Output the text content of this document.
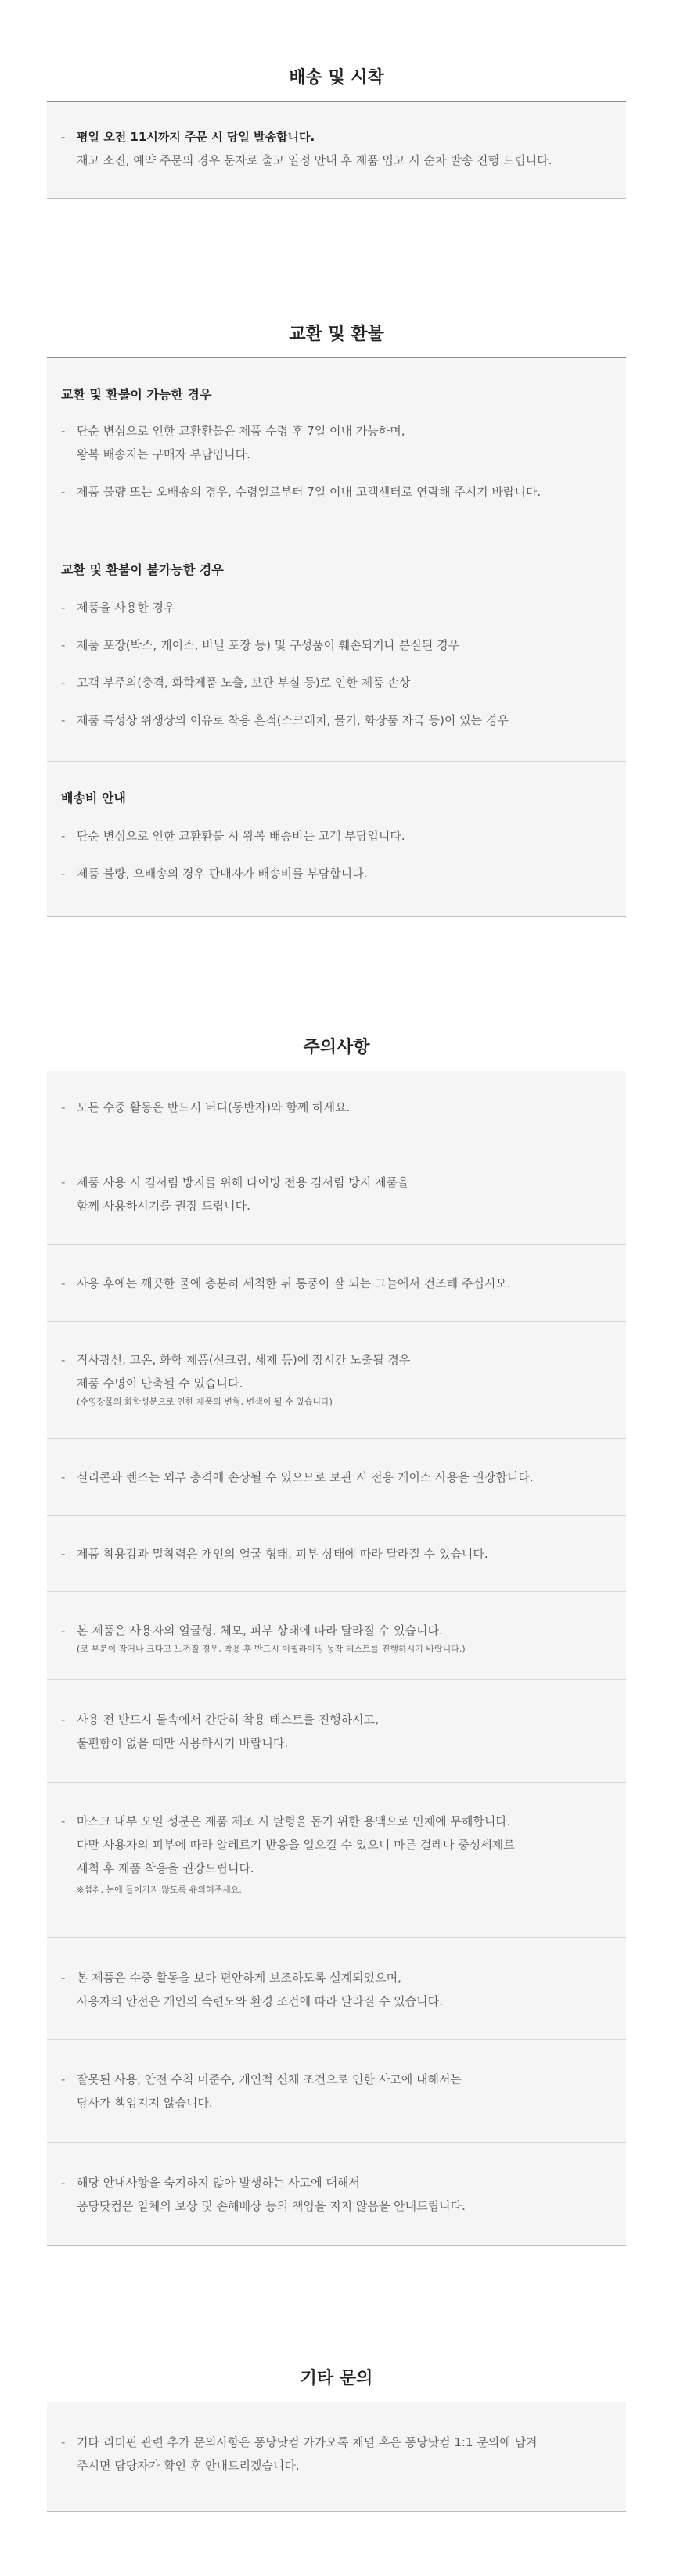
배송 및 시착
- 평일 오전 11시까지 주문 시 당일 발송합니다.
재고 소진, 예약 주문의 경우 문자로 출고 일정 안내 후 제품 입고 시 순차 발송 진행 드립니다.
교환 및 환불

교환 및 환불이 가능한 경우

- 단순 변심으로 인한 교환환불은 제품 수령 후 7일 이내 가능하며,
왕복 배송지는 구매자 부담입니다.
- 제품 불량 또는 오배송의 경우, 수령일로부터 7일 이내 고객센터로 연락해 주시기 바랍니다.

교환 및 환불이 불가능한 경우

- 제품을 사용한 경우
- 제품 포장(박스, 케이스, 비닐 포장 등) 및 구성품이 훼손되거나 분실된 경우
- 고객 부주의(충격, 화학제품 노출, 보관 부실 등)로 인한 제품 손상
- 제품 특성상 위생상의 이유로 착용 흔적(스크래치, 물기, 화장품 자국 등)이 있는 경우

배송비 안내

- 단순 변심으로 인한 교환환불 시 왕복 배송비는 고객 부담입니다.
- 제품 불량, 오배송의 경우 판매자가 배송비를 부담합니다.
주의사항
- 모든 수중 활동은 반드시 버디(동반자)와 함께 하세요.
- 제품 사용 시 김서림 방지를 위해 다이빙 전용 김서림 방지 제품을
함께 사용하시기를 권장 드립니다.
- 사용 후에는 깨끗한 물에 충분히 세척한 뒤 통풍이 잘 되는 그늘에서 건조해 주십시오.
- 직사광선, 고온, 화학 제품(선크림, 세제 등)에 장시간 노출될 경우
제품 수명이 단축될 수 있습니다.
(수영장물의 화학성분으로 인한 제품의 변형, 변색이 될 수 있습니다)
- 실리콘과 렌즈는 외부 충격에 손상될 수 있으므로 보관 시 전용 케이스 사용을 권장합니다.
- 제품 착용감과 밀착력은 개인의 얼굴 형태, 피부 상태에 따라 달라질 수 있습니다.
- 본 제품은 사용자의 얼굴형, 체모, 피부 상태에 따라 달라질 수 있습니다.
(코 부분이 작거나 크다고 느껴질 경우, 착용 후 반드시 이퀄라이징 동작 테스트를 진행하시기 바랍니다.)
- 사용 전 반드시 물속에서 간단히 착용 테스트를 진행하시고,
불편함이 없을 때만 사용하시기 바랍니다.
- 마스크 내부 오일 성분은 제품 제조 시 탈형을 돕기 위한 용액으로 인체에 무해합니다.
다만 사용자의 피부에 따라 알레르기 반응을 일으킬 수 있으니 마른 걸레나 중성세제로
세척 후 제품 착용을 권장드립니다.
※섭취, 눈에 들어가지 않도록 유의해주세요.
- 본 제품은 수중 활동을 보다 편안하게 보조하도록 설계되었으며,
사용자의 안전은 개인의 숙련도와 환경 조건에 따라 달라질 수 있습니다.
- 잘못된 사용, 안전 수칙 미준수, 개인적 신체 조건으로 인한 사고에 대해서는
당사가 책임지지 않습니다.
- 해당 안내사항을 숙지하지 않아 발생하는 사고에 대해서
퐁당닷컴은 일체의 보상 및 손해배상 등의 책임을 지지 않음을 안내드립니다.
기타 문의
- 기타 리더핀 관련 추가 문의사항은 퐁당닷컴 카카오톡 채널 혹은 퐁당닷컴 1:1 문의에 남겨
주시면 담당자가 확인 후 안내드리겠습니다.
